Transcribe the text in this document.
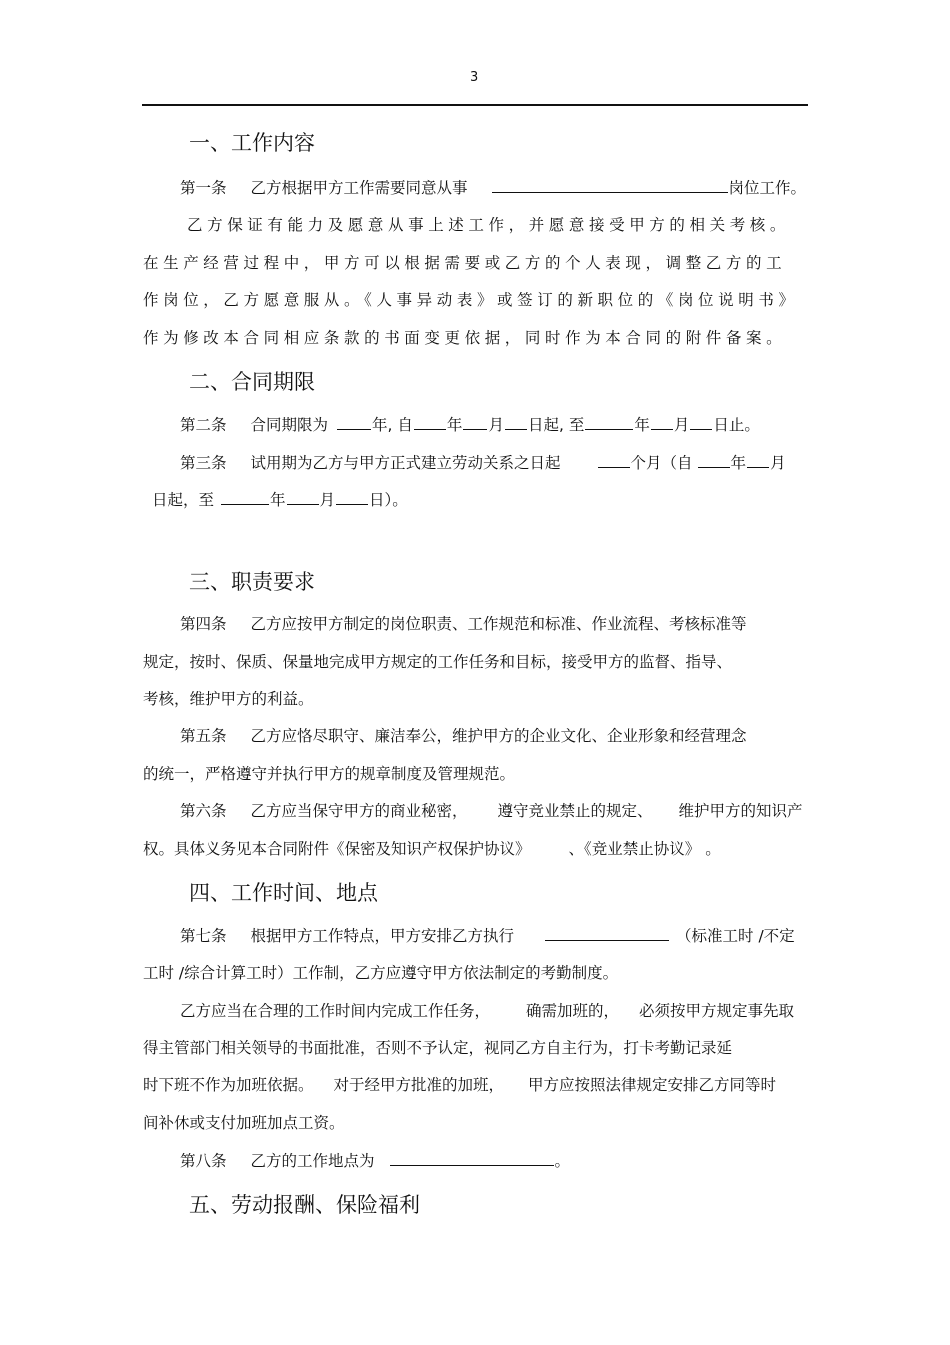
3
一、工作内容
第一条 乙方根据甲方工作需要同意从事	岗位工作。
乙方保证有能力及愿意从事上述工作，并愿意接受甲方的相关考核。
在生产经营过程中，甲方可以根据需要或乙方的个人表现，调整乙方的工
作岗位，乙方愿意服从。《人事异动表》或签订的新职位的《岗位说明书》
作为修改本合同相应条款的书面变更依据，同时作为本合同的附件备案。
二、合同期限
第二条 合同期限为	年, 自 年 月 日起, 至	年 月 日止。
第三条 试用期为乙方与甲方正式建立劳动关系之日起	个月（自 年 月
日起，至	年 月 日）。
三、职责要求
第四条 乙方应按甲方制定的岗位职责、工作规范和标准、作业流程、考核标准等
规定，按时、保质、保量地完成甲方规定的工作任务和目标，接受甲方的监督、指导、
考核，维护甲方的利益。
第五条 乙方应恪尽职守、廉洁奉公，维护甲方的企业文化、企业形象和经营理念
的统一，严格遵守并执行甲方的规章制度及管理规范。
第六条 乙方应当保守甲方的商业秘密， 遵守竞业禁止的规定、 维护甲方的知识产
权。具体义务见本合同附件《保密及知识产权保护协议》 、《竞业禁止协议》 。
四、工作时间、地点
第七条 根据甲方工作特点，甲方安排乙方执行	（标准工时 /不定
工时 /综合计算工时）工作制，乙方应遵守甲方依法制定的考勤制度。
乙方应当在合理的工作时间内完成工作任务， 确需加班的， 必须按甲方规定事先取
得主管部门相关领导的书面批准，否则不予认定，视同乙方自主行为，打卡考勤记录延
时下班不作为加班依据。 对于经甲方批准的加班， 甲方应按照法律规定安排乙方同等时
间补休或支付加班加点工资。
第八条 乙方的工作地点为	。
五、劳动报酬、保险福利
